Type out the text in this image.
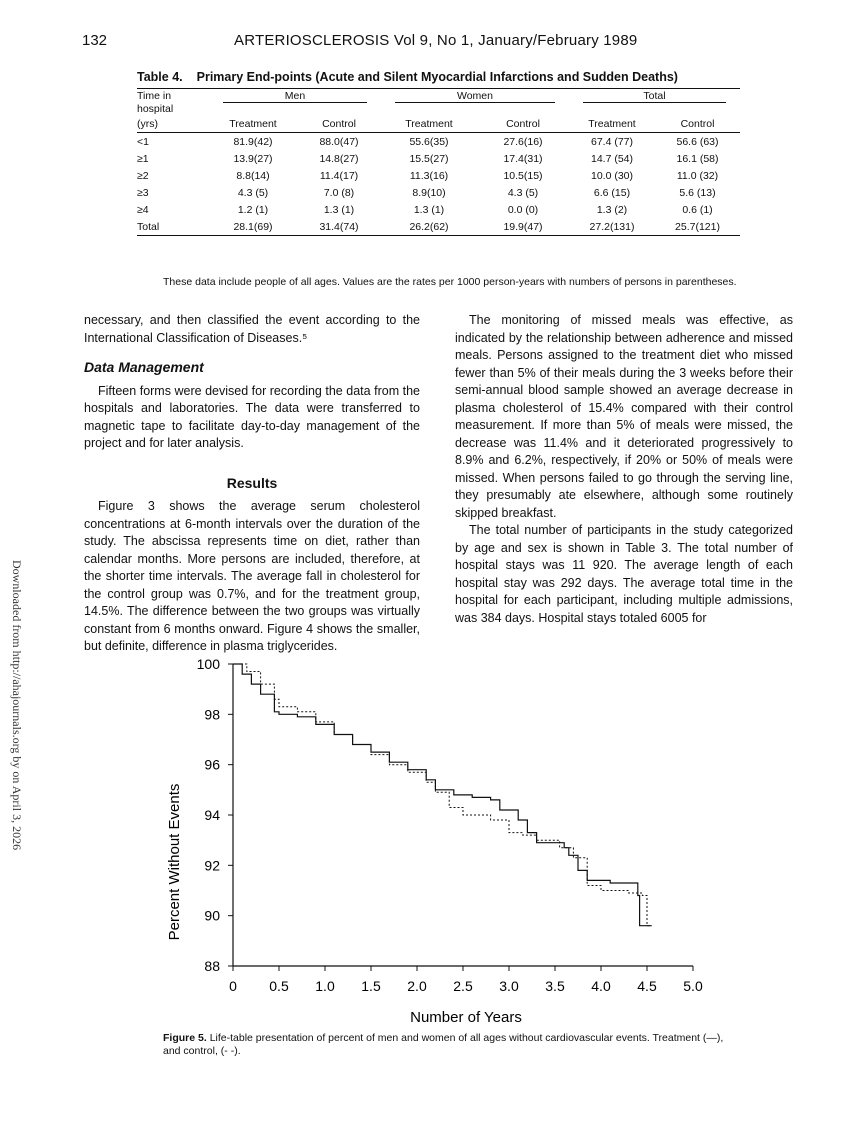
132	ARTERIOSCLEROSIS Vol 9, No 1, January/February 1989
Downloaded from http://ahajournals.org by on April 3, 2026
Table 4. Primary End-points (Acute and Silent Myocardial Infarctions and Sudden Deaths)
Time in	Men		Women		Total	

hospital						
(yrs)	Treatment	Control	Treatment	Control	Treatment	Control
<1	81.9(42)	88.0(47)	55.6(35)	27.6(16)	67.4 (77)	56.6 (63)
≥1	13.9(27)	14.8(27)	15.5(27)	17.4(31)	14.7 (54)	16.1 (58)
≥2	8.8(14)	11.4(17)	11.3(16)	10.5(15)	10.0 (30)	11.0 (32)
≥3	4.3 (5)	7.0 (8)	8.9(10)	4.3 (5)	6.6 (15)	5.6 (13)
≥4	1.2 (1)	1.3 (1)	1.3 (1)	0.0 (0)	1.3 (2)	0.6 (1)
Total	28.1(69)	31.4(74)	26.2(62)	19.9(47)	27.2(131)	25.7(121)
These data include people of all ages. Values are the rates per 1000 person-years with numbers of persons in parentheses.

necessary, and then classified the event according to the International Classification of Diseases.⁵

Data Management

Fifteen forms were devised for recording the data from the hospitals and laboratories. The data were transferred to magnetic tape to facilitate day-to-day management of the project and for later analysis.

Results

Figure 3 shows the average serum cholesterol concentrations at 6-month intervals over the duration of the study. The abscissa represents time on diet, rather than calendar months. More persons are included, therefore, at the shorter time intervals. The average fall in cholesterol for the control group was 0.7%, and for the treatment group, 14.5%. The difference between the two groups was virtually constant from 6 months onward. Figure 4 shows the smaller, but definite, difference in plasma triglycerides.

The monitoring of missed meals was effective, as indicated by the relationship between adherence and missed meals. Persons assigned to the treatment diet who missed fewer than 5% of their meals during the 3 weeks before their semi-annual blood sample showed an average decrease in plasma cholesterol of 15.4% compared with their control measurement. If more than 5% of meals were missed, the decrease was 11.4% and it deteriorated progressively to 8.9% and 6.2%, respectively, if 20% or 50% of meals were missed. When persons failed to go through the serving line, they presumably ate elsewhere, although some routinely skipped breakfast.

The total number of participants in the study categorized by age and sex is shown in Table 3. The total number of hospital stays was 11 920. The average length of each hospital stay was 292 days. The average total time in the hospital for each participant, including multiple admissions, was 384 days. Hospital stays totaled 6005 for

Percent Without Events
Number of Years
88
90
92
94
96
98
100
0 0.5 1.0 1.5 2.0 2.5 3.0 3.5 4.0 4.5 5.0
Figure 5. Life-table presentation of percent of men and women of all ages without cardiovascular events. Treatment (—), and control, (- -).
